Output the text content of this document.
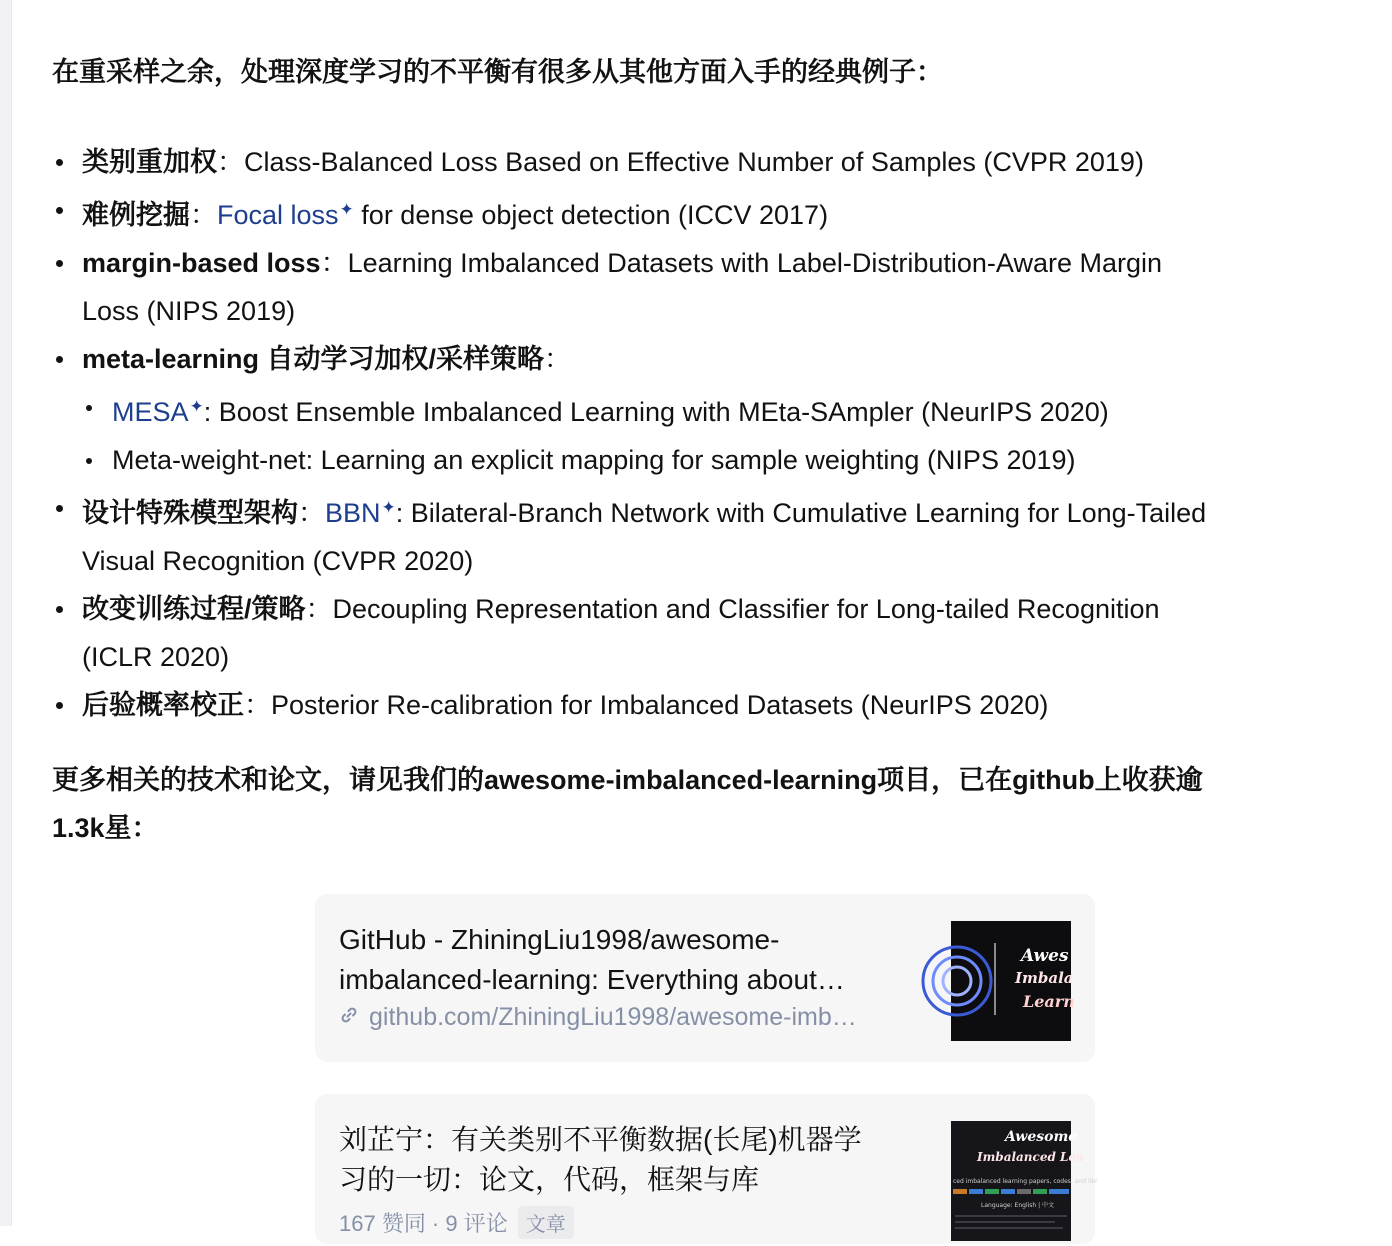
在重采样之余，处理深度学习的不平衡有很多从其他方面入手的经典例子：
类别重加权：Class-Balanced Loss Based on Effective Number of Samples (CVPR 2019)
难例挖掘：Focal loss✦ for dense object detection (ICCV 2017)
margin-based loss：Learning Imbalanced Datasets with Label-Distribution-Aware Margin
Loss (NIPS 2019)
meta-learning 自动学习加权/采样策略：
MESA✦: Boost Ensemble Imbalanced Learning with MEta-SAmpler (NeurIPS 2020)
Meta-weight-net: Learning an explicit mapping for sample weighting (NIPS 2019)
设计特殊模型架构：BBN✦: Bilateral-Branch Network with Cumulative Learning for Long-Tailed
Visual Recognition (CVPR 2020)
改变训练过程/策略：Decoupling Representation and Classifier for Long-tailed Recognition
(ICLR 2020)
后验概率校正：Posterior Re-calibration for Imbalanced Datasets (NeurIPS 2020)
更多相关的技术和论文，请见我们的awesome-imbalanced-learning项目，已在github上收获逾
1.3k星：
GitHub - ZhiningLiu1998/awesome-
imbalanced-learning: Everything about…
github.com/ZhiningLiu1998/awesome-imb…
Awes
Imbala
Learn
刘芷宁：有关类别不平衡数据(长尾)机器学
习的一切：论文，代码，框架与库
167 赞同 · 9 评论 文章
Awesome
Imbalanced Lea
ced imbalanced learning papers, codes, and libr
Language: English | 中文
